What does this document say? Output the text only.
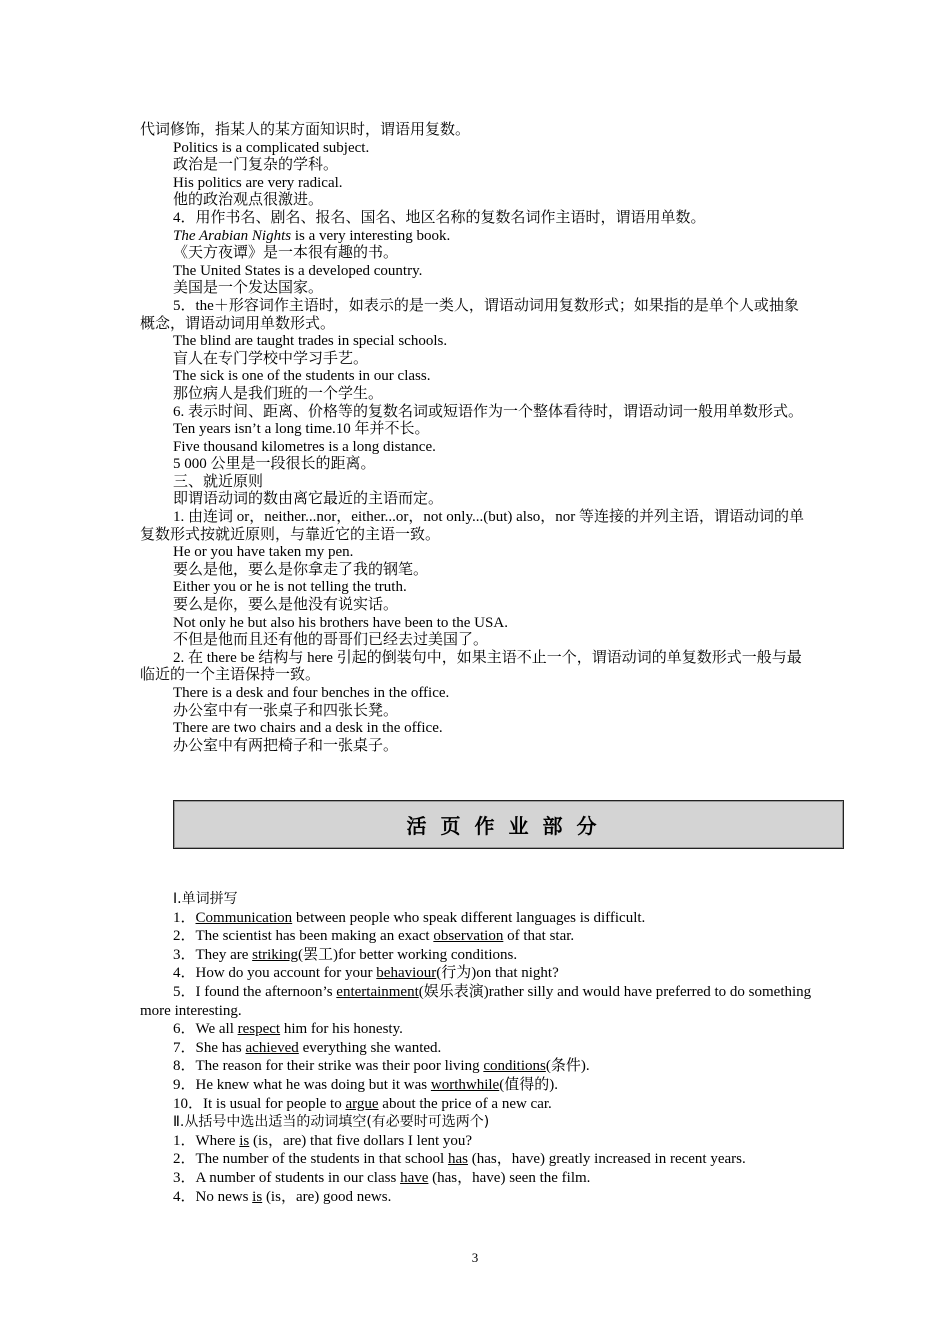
代词修饰，指某人的某方面知识时，谓语用复数。

Politics is a complicated subject.

政治是一门复杂的学科。

His politics are very radical.

他的政治观点很激进。

4．用作书名、剧名、报名、国名、地区名称的复数名词作主语时，谓语用单数。

The Arabian Nights is a very interesting book.

《天方夜谭》是一本很有趣的书。

The United States is a developed country.

美国是一个发达国家。

5．the＋形容词作主语时，如表示的是一类人，谓语动词用复数形式；如果指的是单个人或抽象概念，谓语动词用单数形式。

The blind are taught trades in special schools.

盲人在专门学校中学习手艺。

The sick is one of the students in our class.

那位病人是我们班的一个学生。

6. 表示时间、距离、价格等的复数名词或短语作为一个整体看待时，谓语动词一般用单数形式。

Ten years isn’t a long time.10 年并不长。

Five thousand kilometres is a long distance.

5 000 公里是一段很长的距离。

三、就近原则

即谓语动词的数由离它最近的主语而定。

1. 由连词 or，neither...nor，either...or，not only...(but) also，nor 等连接的并列主语，谓语动词的单复数形式按就近原则，与靠近它的主语一致。

He or you have taken my pen.

要么是他，要么是你拿走了我的钢笔。

Either you or he is not telling the truth.

要么是你，要么是他没有说实话。

Not only he but also his brothers have been to the USA.

不但是他而且还有他的哥哥们已经去过美国了。

2. 在 there be 结构与 here 引起的倒装句中，如果主语不止一个，谓语动词的单复数形式一般与最临近的一个主语保持一致。

There is a desk and four benches in the office.

办公室中有一张桌子和四张长凳。

There are two chairs and a desk in the office.

办公室中有两把椅子和一张桌子。

活页作业部分

Ⅰ.单词拼写

1．Communication between people who speak different languages is difficult.

2．The scientist has been making an exact observation of that star.

3．They are striking(罢工)for better working conditions.

4．How do you account for your behaviour(行为)on that night?

5．I found the afternoon’s entertainment(娱乐表演)rather silly and would have preferred to do something more interesting.

6．We all respect him for his honesty.

7．She has achieved everything she wanted.

8．The reason for their strike was their poor living conditions(条件).

9．He knew what he was doing but it was worthwhile(值得的).

10．It is usual for people to argue about the price of a new car.

Ⅱ.从括号中选出适当的动词填空(有必要时可选两个)

1．Where is (is，are) that five dollars I lent you?

2．The number of the students in that school has (has，have) greatly increased in recent years.

3．A number of students in our class have (has，have) seen the film.

4．No news is (is，are) good news.

3
